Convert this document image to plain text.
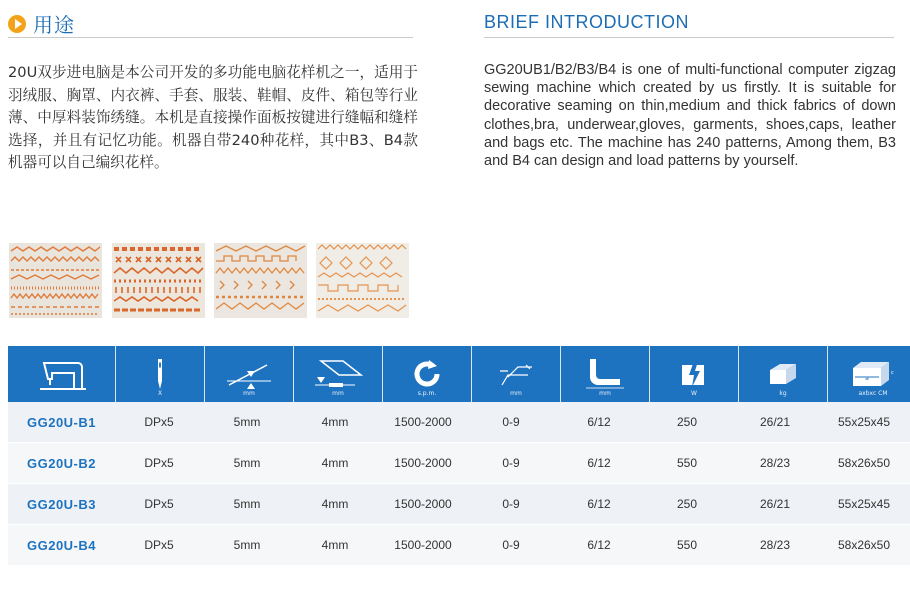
用途
20U双步进电脑是本公司开发的多功能电脑花样机之一，适用于羽绒服、胸罩、内衣裤、手套、服装、鞋帽、皮件、箱包等行业薄、中厚料装饰绣缝。本机是直接操作面板按键进行缝幅和缝样选择，并且有记忆功能。机器自带240种花样，其中B3、B4款机器可以自己编织花样。
BRIEF INTRODUCTION
GG20UB1/B2/B3/B4 is one of multi-functional computer zigzag sewing machine which created by us firstly. It is suitable for decorative seaming on thin,medium and thick fabrics of down clothes,bra, underwear,gloves, garments, shoes,caps, leather and bags etc. The machine has 240 patterns, Among them, B3 and B4 can design and load patterns by yourself.
X	mm	mm	s.p.m.	mm	mm	W	kg
a
c
axbxc CM
GG20U-B1	DPx5	5mm	4mm	1500-2000	0-9	6/12	250	26/21	55x25x45
GG20U-B2	DPx5	5mm	4mm	1500-2000	0-9	6/12	550	28/23	58x26x50
GG20U-B3	DPx5	5mm	4mm	1500-2000	0-9	6/12	250	26/21	55x25x45
GG20U-B4	DPx5	5mm	4mm	1500-2000	0-9	6/12	550	28/23	58x26x50
